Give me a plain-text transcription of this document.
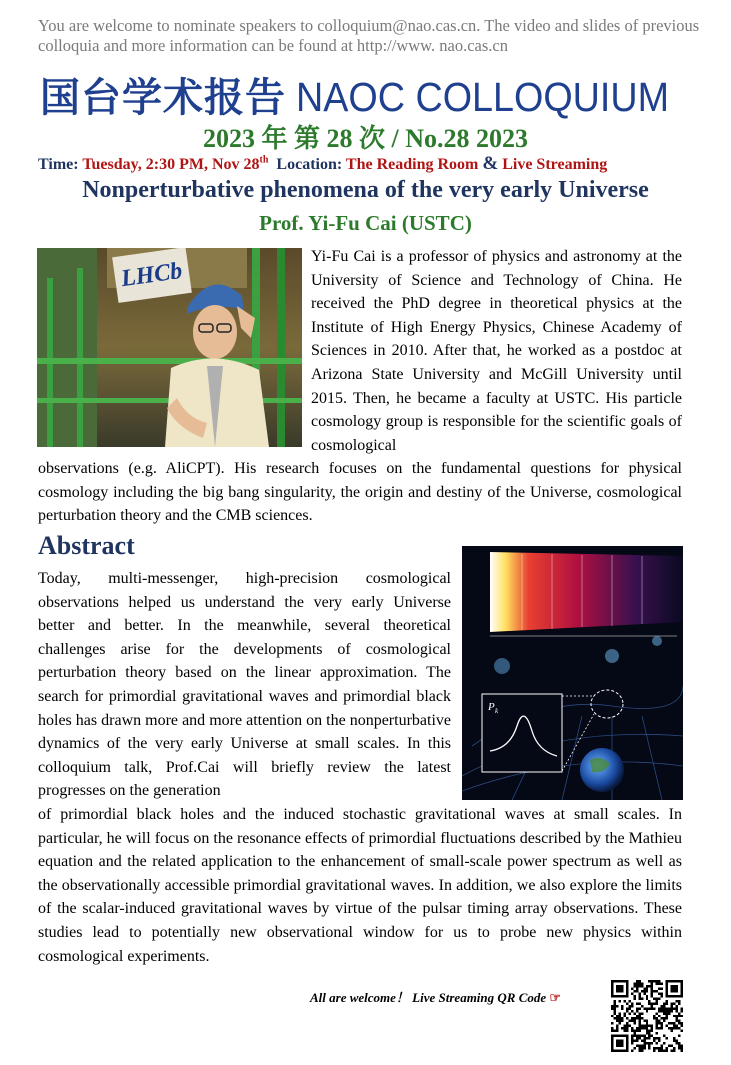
You are welcome to nominate speakers to colloquium@nao.cas.cn. The video and slides of previous colloquia and more information can be found at http://www. nao.cas.cn
国台学术报告 NAOC COLLOQUIUM
2023 年 第 28 次 / No.28 2023
Time: Tuesday, 2:30 PM, Nov 28th Location: The Reading Room & Live Streaming
Nonperturbative phenomena of the very early Universe
Prof. Yi-Fu Cai (USTC)
LHCb
Yi-Fu Cai is a professor of physics and astronomy at the University of Science and Technology of China. He received the PhD degree in theoretical physics at the Institute of High Energy Physics, Chinese Academy of Sciences in 2010. After that, he worked as a postdoc at Arizona State University and McGill University until 2015. Then, he became a faculty at USTC. His particle cosmology group is responsible for the scientific goals of cosmological
observations (e.g. AliCPT). His research focuses on the fundamental questions for physical cosmology including the big bang singularity, the origin and destiny of the Universe, cosmological perturbation theory and the CMB sciences.
Abstract
Today, multi-messenger, high-precision cosmological observations helped us understand the very early Universe better and better. In the meanwhile, several theoretical challenges arise for the developments of cosmological perturbation theory based on the linear approximation. The search for primordial gravitational waves and primordial black holes has drawn more and more attention on the nonperturbative dynamics of the very early Universe at small scales. In this colloquium talk, Prof.Cai will briefly review the latest progresses on the generation
P k
of primordial black holes and the induced stochastic gravitational waves at small scales. In particular, he will focus on the resonance effects of primordial fluctuations described by the Mathieu equation and the related application to the enhancement of small-scale power spectrum as well as the observationally accessible primordial gravitational waves. In addition, we also explore the limits of the scalar-induced gravitational waves by virtue of the pulsar timing array observations. These studies lead to potentially new observational window for us to probe new physics within cosmological experiments.
All are welcome！ Live Streaming QR Code ☞
